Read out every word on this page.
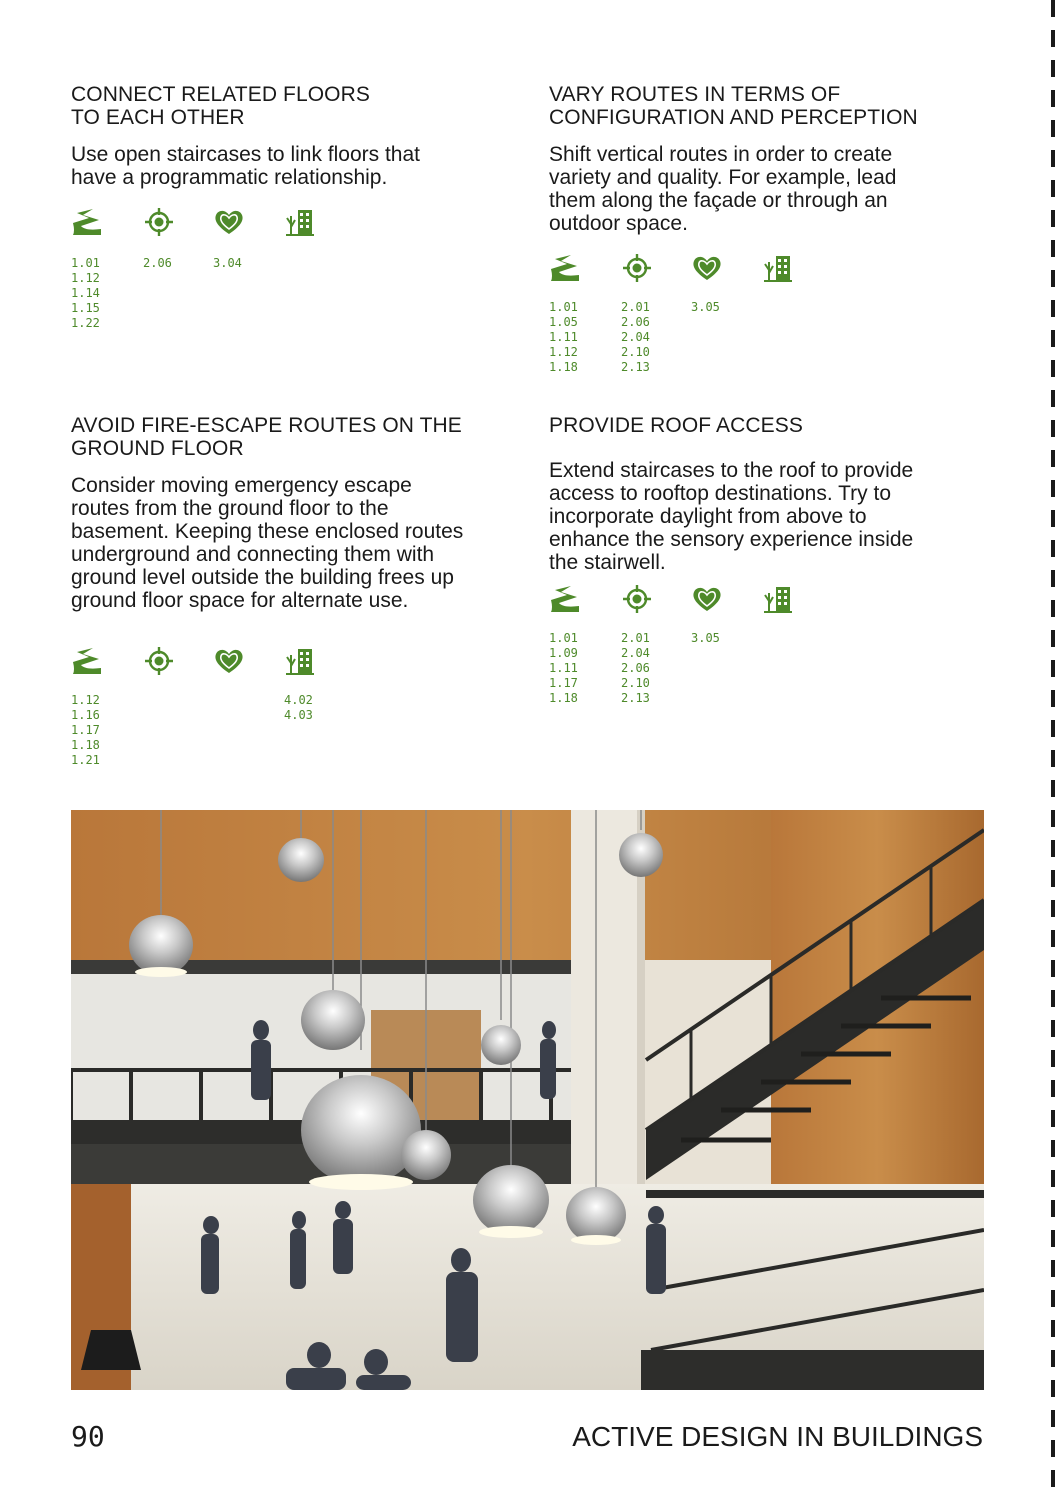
CONNECT RELATED FLOORS
TO EACH OTHER

Use open staircases to link floors that
have a programmatic relationship.

1.01
1.12
1.14
1.15
1.22
2.06	3.04
VARY ROUTES IN TERMS OF
CONFIGURATION AND PERCEPTION

Shift vertical routes in order to create
variety and quality. For example, lead
them along the façade or through an
outdoor space.

1.01
1.05
1.11
1.12
1.18
2.01
2.06
2.04
2.10
2.13
3.05
AVOID FIRE-ESCAPE ROUTES ON THE
GROUND FLOOR

Consider moving emergency escape
routes from the ground floor to the
basement. Keeping these enclosed routes
underground and connecting them with
ground level outside the building frees up
ground floor space for alternate use.

1.12
1.16
1.17
1.18
1.21
4.02
4.03
PROVIDE ROOF ACCESS

Extend staircases to the roof to provide
access to rooftop destinations. Try to
incorporate daylight from above to
enhance the sensory experience inside
the stairwell.

1.01
1.09
1.11
1.17
1.18
2.01
2.04
2.06
2.10
2.13
3.05
90	ACTIVE DESIGN IN BUILDINGS
